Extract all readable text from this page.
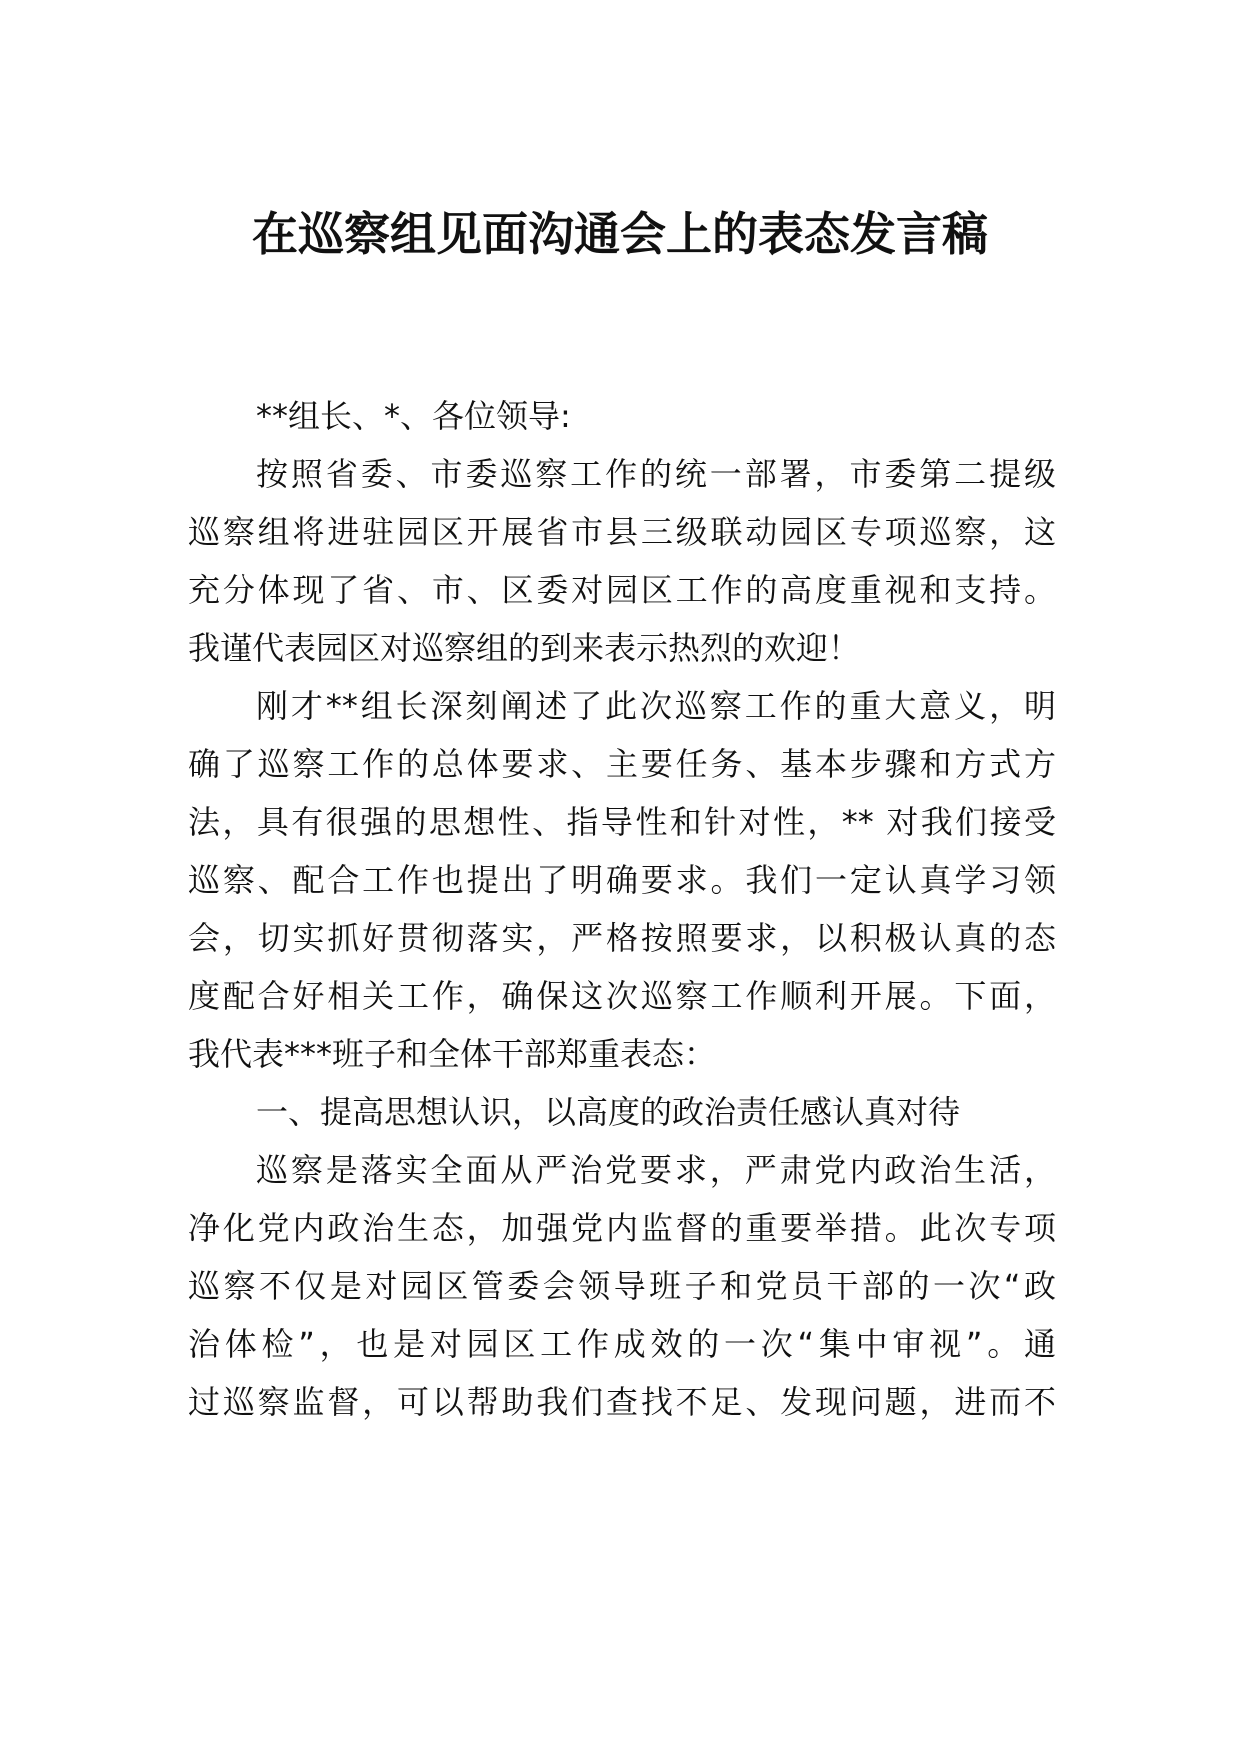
在巡察组见面沟通会上的表态发言稿
**组长、*、各位领导:
按照省委、市委巡察工作的统一部署，市委第二提级
巡察组将进驻园区开展省市县三级联动园区专项巡察，这
充分体现了省、市、区委对园区工作的高度重视和支持。
我谨代表园区对巡察组的到来表示热烈的欢迎！
刚才**组长深刻阐述了此次巡察工作的重大意义，明
确了巡察工作的总体要求、主要任务、基本步骤和方式方
法，具有很强的思想性、指导性和针对性，** 对我们接受
巡察、配合工作也提出了明确要求。我们一定认真学习领
会，切实抓好贯彻落实，严格按照要求，以积极认真的态
度配合好相关工作，确保这次巡察工作顺利开展。下面，
我代表***班子和全体干部郑重表态：
一、提高思想认识，以高度的政治责任感认真对待
巡察是落实全面从严治党要求，严肃党内政治生活，
净化党内政治生态，加强党内监督的重要举措。此次专项
巡察不仅是对园区管委会领导班子和党员干部的一次“政
治体检”，也是对园区工作成效的一次“集中审视”。通
过巡察监督，可以帮助我们查找不足、发现问题，进而不
